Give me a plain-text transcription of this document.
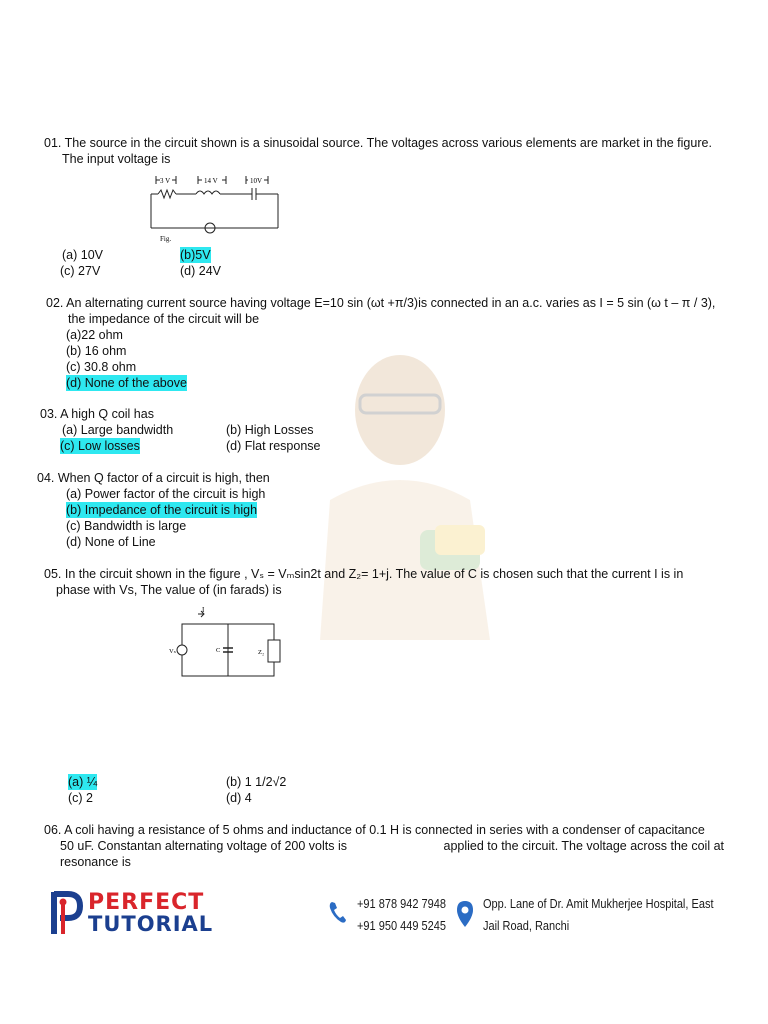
01. The source in the circuit shown is a sinusoidal source. The voltages across various elements are market in the figure.
The input voltage is
3 V	14 V	10V
Fig.
(a) 10V	(b)5V
(c) 27V	(d) 24V
02. An alternating current source having voltage E=10 sin (ωt +π/3)is connected in an a.c. varies as I = 5 sin (ω t – π / 3),
the impedance of the circuit will be
(a)22 ohm
(b) 16 ohm
(c) 30.8 ohm
(d) None of the above
03. A high Q coil has
(a) Large bandwidth	(b) High Losses
(c) Low losses	(d) Flat response
04. When Q factor of a circuit is high, then
(a) Power factor of the circuit is high
(b) Impedance of the circuit is high
(c) Bandwidth is large
(d) None of Line
05. In the circuit shown in the figure , Vₛ = Vₘsin2t and Z₂= 1+j. The value of C is chosen such that the current I is in
phase with Vs, The value of (in farads) is
I
Vₛ	C	Z₂
(a) ¼	(b) 1 1/2√2
(c) 2	(d) 4
06. A coli having a resistance of 5 ohms and inductance of 0.1 H is connected in series with a condenser of capacitance
50 uF. Constantan alternating voltage of 200 volts is	applied to the circuit. The voltage across the coil at
resonance is
PERFECT
TUTORIAL
+91 878 942 7948
+91 950 449 5245
Opp. Lane of Dr. Amit Mukherjee Hospital, East
Jail Road, Ranchi
